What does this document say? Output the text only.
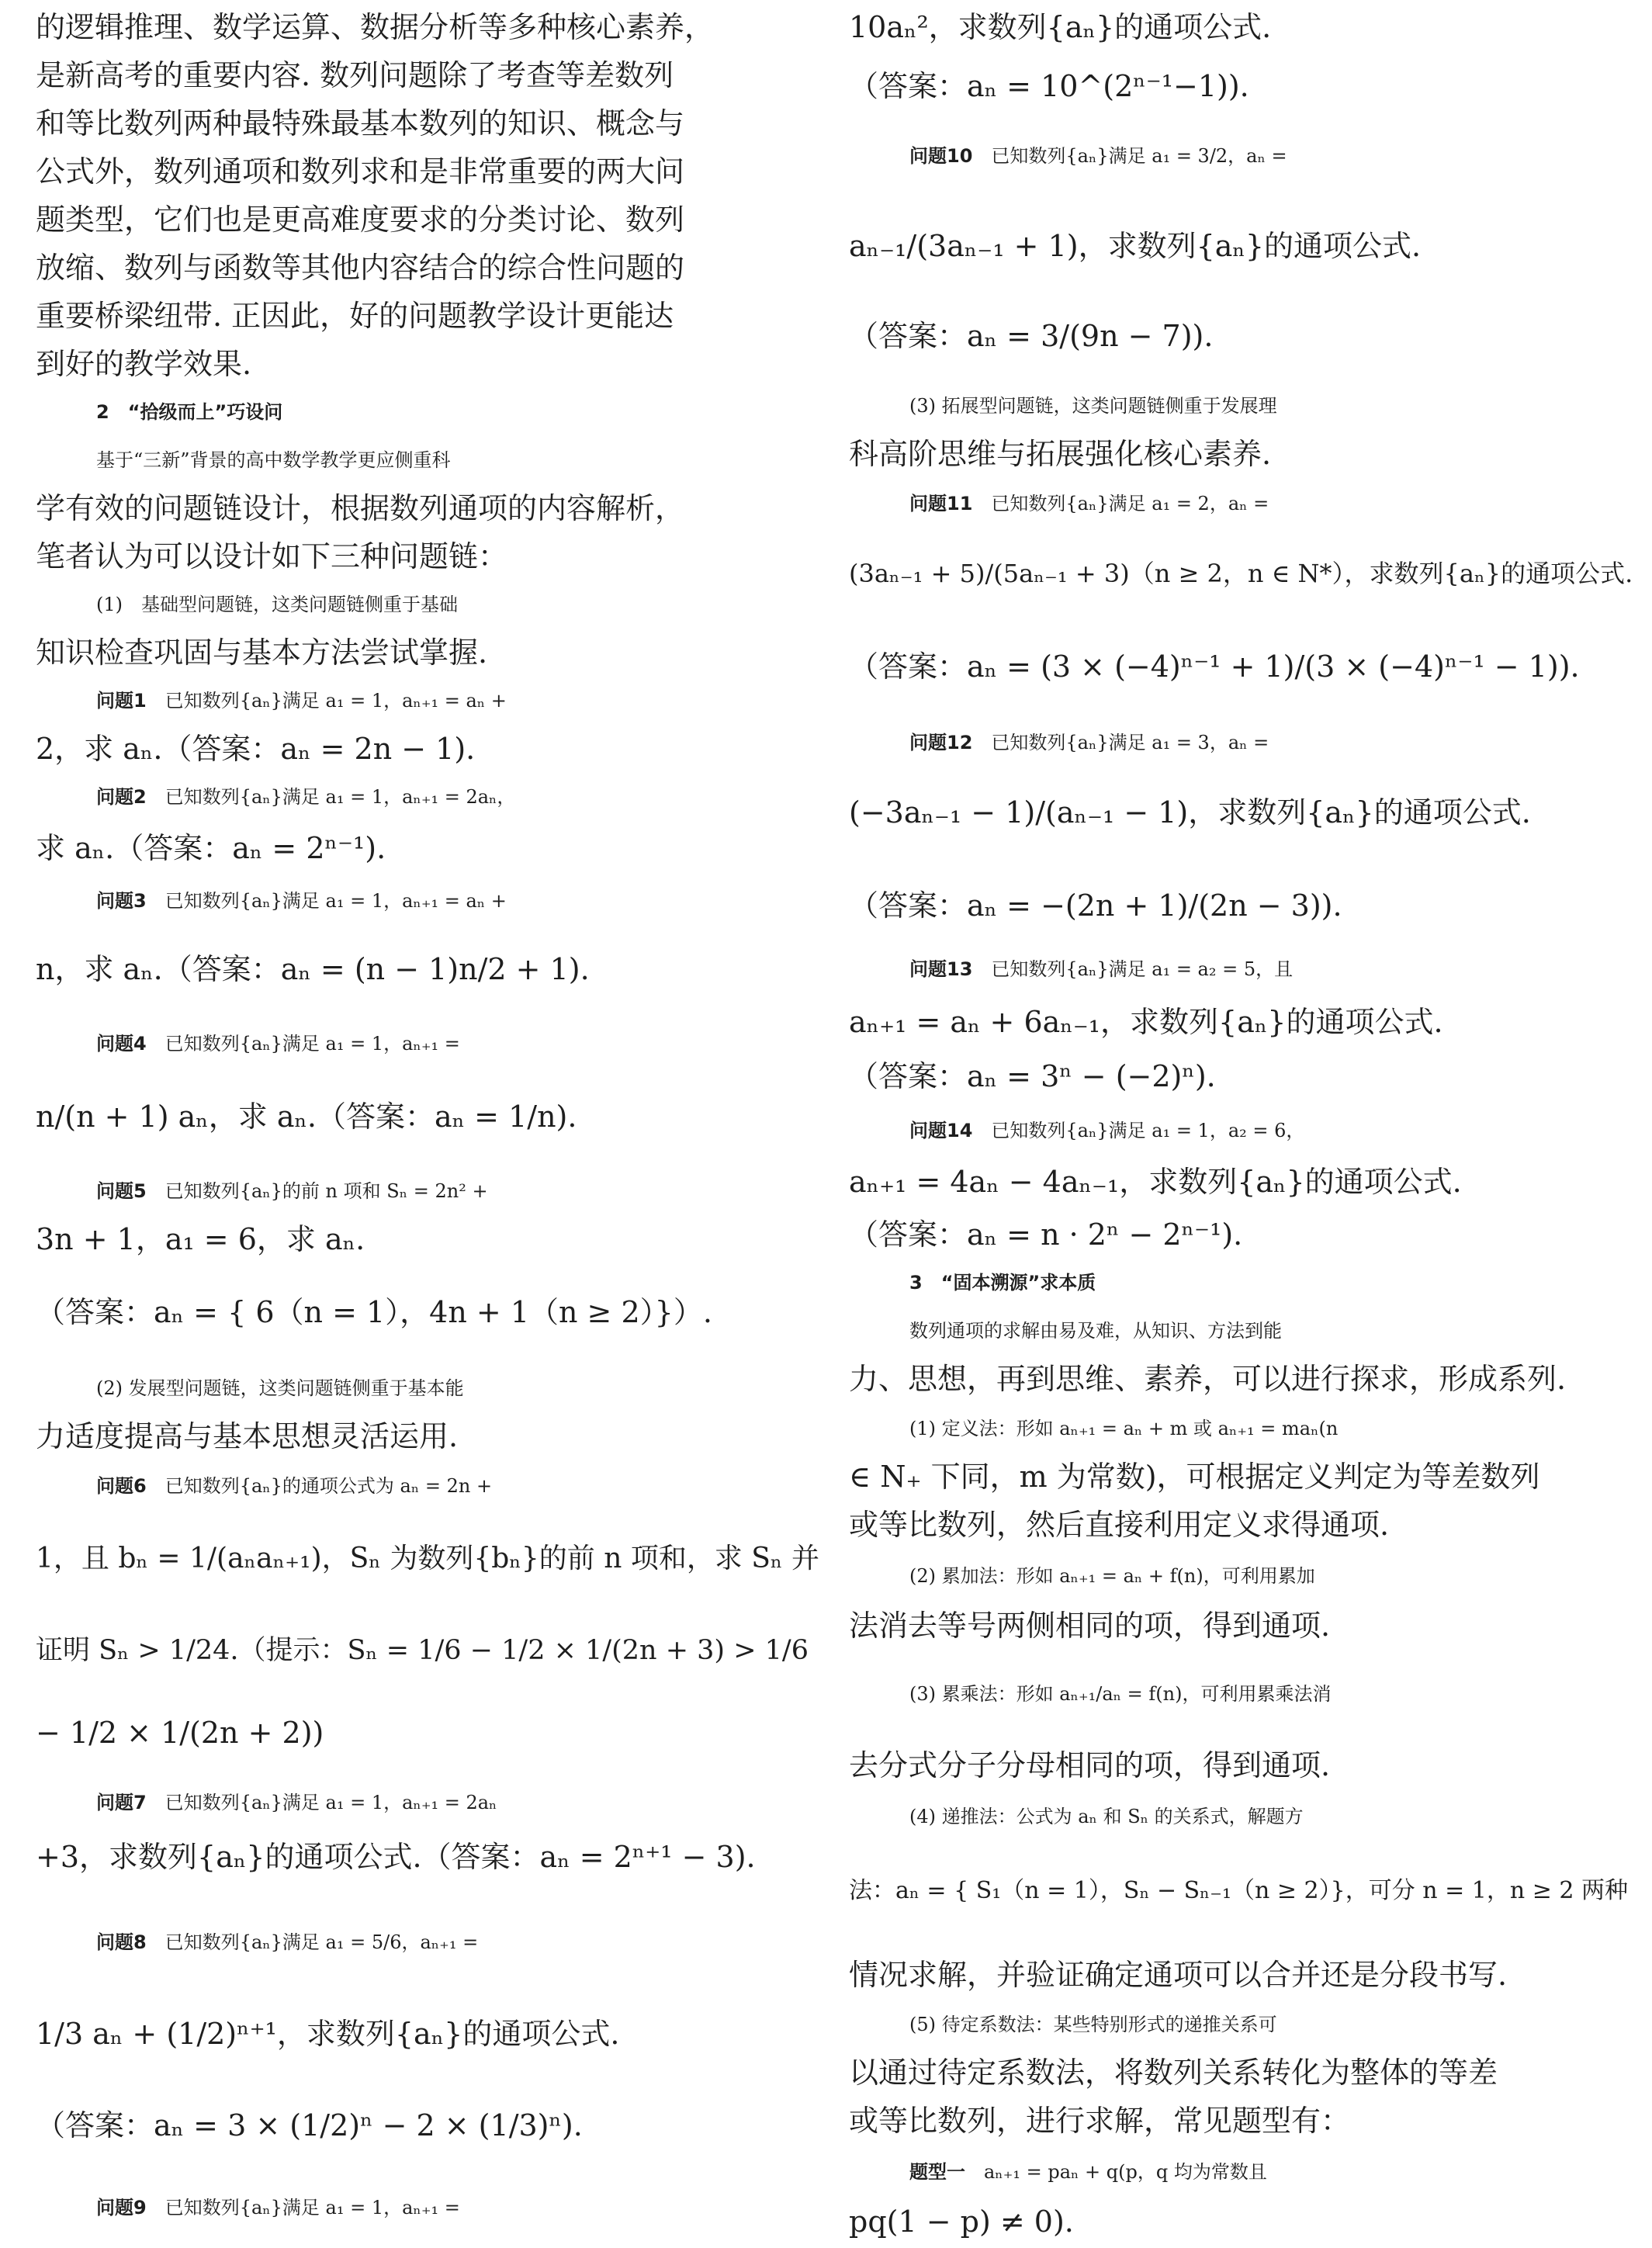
的逻辑推理、数学运算、数据分析等多种核心素养，
是新高考的重要内容. 数列问题除了考查等差数列
和等比数列两种最特殊最基本数列的知识、概念与
公式外，数列通项和数列求和是非常重要的两大问
题类型，它们也是更高难度要求的分类讨论、数列
放缩、数列与函数等其他内容结合的综合性问题的
重要桥梁纽带. 正因此，好的问题教学设计更能达
到好的教学效果.
2　“拾级而上”巧设问
基于“三新”背景的高中数学教学更应侧重科
学有效的问题链设计，根据数列通项的内容解析，
笔者认为可以设计如下三种问题链：
(1)　基础型问题链，这类问题链侧重于基础
知识检查巩固与基本方法尝试掌握.
问题1　已知数列{aₙ}满足 a₁ = 1，aₙ₊₁ = aₙ +
2，求 aₙ.（答案：aₙ = 2n − 1).
问题2　已知数列{aₙ}满足 a₁ = 1，aₙ₊₁ = 2aₙ，
求 aₙ.（答案：aₙ = 2ⁿ⁻¹).
问题3　已知数列{aₙ}满足 a₁ = 1，aₙ₊₁ = aₙ +
n，求 aₙ.（答案：aₙ = (n − 1)n/2 + 1).
问题4　已知数列{aₙ}满足 a₁ = 1，aₙ₊₁ =
n/(n + 1) aₙ，求 aₙ.（答案：aₙ = 1/n).
问题5　已知数列{aₙ}的前 n 项和 Sₙ = 2n² +
3n + 1，a₁ = 6，求 aₙ.
（答案：aₙ = { 6（n = 1），4n + 1（n ≥ 2）}）.
(2) 发展型问题链，这类问题链侧重于基本能
力适度提高与基本思想灵活运用.
问题6　已知数列{aₙ}的通项公式为 aₙ = 2n +
1，且 bₙ = 1/(aₙaₙ₊₁)，Sₙ 为数列{bₙ}的前 n 项和，求 Sₙ 并
证明 Sₙ > 1/24.（提示：Sₙ = 1/6 − 1/2 × 1/(2n + 3) > 1/6
− 1/2 × 1/(2n + 2))
问题7　已知数列{aₙ}满足 a₁ = 1，aₙ₊₁ = 2aₙ
+3，求数列{aₙ}的通项公式.（答案：aₙ = 2ⁿ⁺¹ − 3).
问题8　已知数列{aₙ}满足 a₁ = 5/6，aₙ₊₁ =
1/3 aₙ + (1/2)ⁿ⁺¹，求数列{aₙ}的通项公式.
（答案：aₙ = 3 × (1/2)ⁿ − 2 × (1/3)ⁿ).
问题9　已知数列{aₙ}满足 a₁ = 1，aₙ₊₁ =
10aₙ²，求数列{aₙ}的通项公式.
（答案：aₙ = 10^(2ⁿ⁻¹−1)).
问题10　已知数列{aₙ}满足 a₁ = 3/2，aₙ =
aₙ₋₁/(3aₙ₋₁ + 1)，求数列{aₙ}的通项公式.
（答案：aₙ = 3/(9n − 7)).
(3) 拓展型问题链，这类问题链侧重于发展理
科高阶思维与拓展强化核心素养.
问题11　已知数列{aₙ}满足 a₁ = 2，aₙ =
(3aₙ₋₁ + 5)/(5aₙ₋₁ + 3)（n ≥ 2，n ∈ N*），求数列{aₙ}的通项公式.
（答案：aₙ = (3 × (−4)ⁿ⁻¹ + 1)/(3 × (−4)ⁿ⁻¹ − 1)).
问题12　已知数列{aₙ}满足 a₁ = 3，aₙ =
(−3aₙ₋₁ − 1)/(aₙ₋₁ − 1)，求数列{aₙ}的通项公式.
（答案：aₙ = −(2n + 1)/(2n − 3)).
问题13　已知数列{aₙ}满足 a₁ = a₂ = 5，且
aₙ₊₁ = aₙ + 6aₙ₋₁，求数列{aₙ}的通项公式.
（答案：aₙ = 3ⁿ − (−2)ⁿ).
问题14　已知数列{aₙ}满足 a₁ = 1，a₂ = 6，
aₙ₊₁ = 4aₙ − 4aₙ₋₁，求数列{aₙ}的通项公式.
（答案：aₙ = n · 2ⁿ − 2ⁿ⁻¹).
3　“固本溯源”求本质
数列通项的求解由易及难，从知识、方法到能
力、思想，再到思维、素养，可以进行探求，形成系列.
(1) 定义法：形如 aₙ₊₁ = aₙ + m 或 aₙ₊₁ = maₙ(n
∈ N₊ 下同，m 为常数)，可根据定义判定为等差数列
或等比数列，然后直接利用定义求得通项.
(2) 累加法：形如 aₙ₊₁ = aₙ + f(n)，可利用累加
法消去等号两侧相同的项，得到通项.
(3) 累乘法：形如 aₙ₊₁/aₙ = f(n)，可利用累乘法消
去分式分子分母相同的项，得到通项.
(4) 递推法：公式为 aₙ 和 Sₙ 的关系式，解题方
法：aₙ = { S₁（n = 1），Sₙ − Sₙ₋₁（n ≥ 2）}，可分 n = 1，n ≥ 2 两种
情况求解，并验证确定通项可以合并还是分段书写.
(5) 待定系数法：某些特别形式的递推关系可
以通过待定系数法，将数列关系转化为整体的等差
或等比数列，进行求解，常见题型有：
题型一　aₙ₊₁ = paₙ + q(p，q 均为常数且
pq(1 − p) ≠ 0).
